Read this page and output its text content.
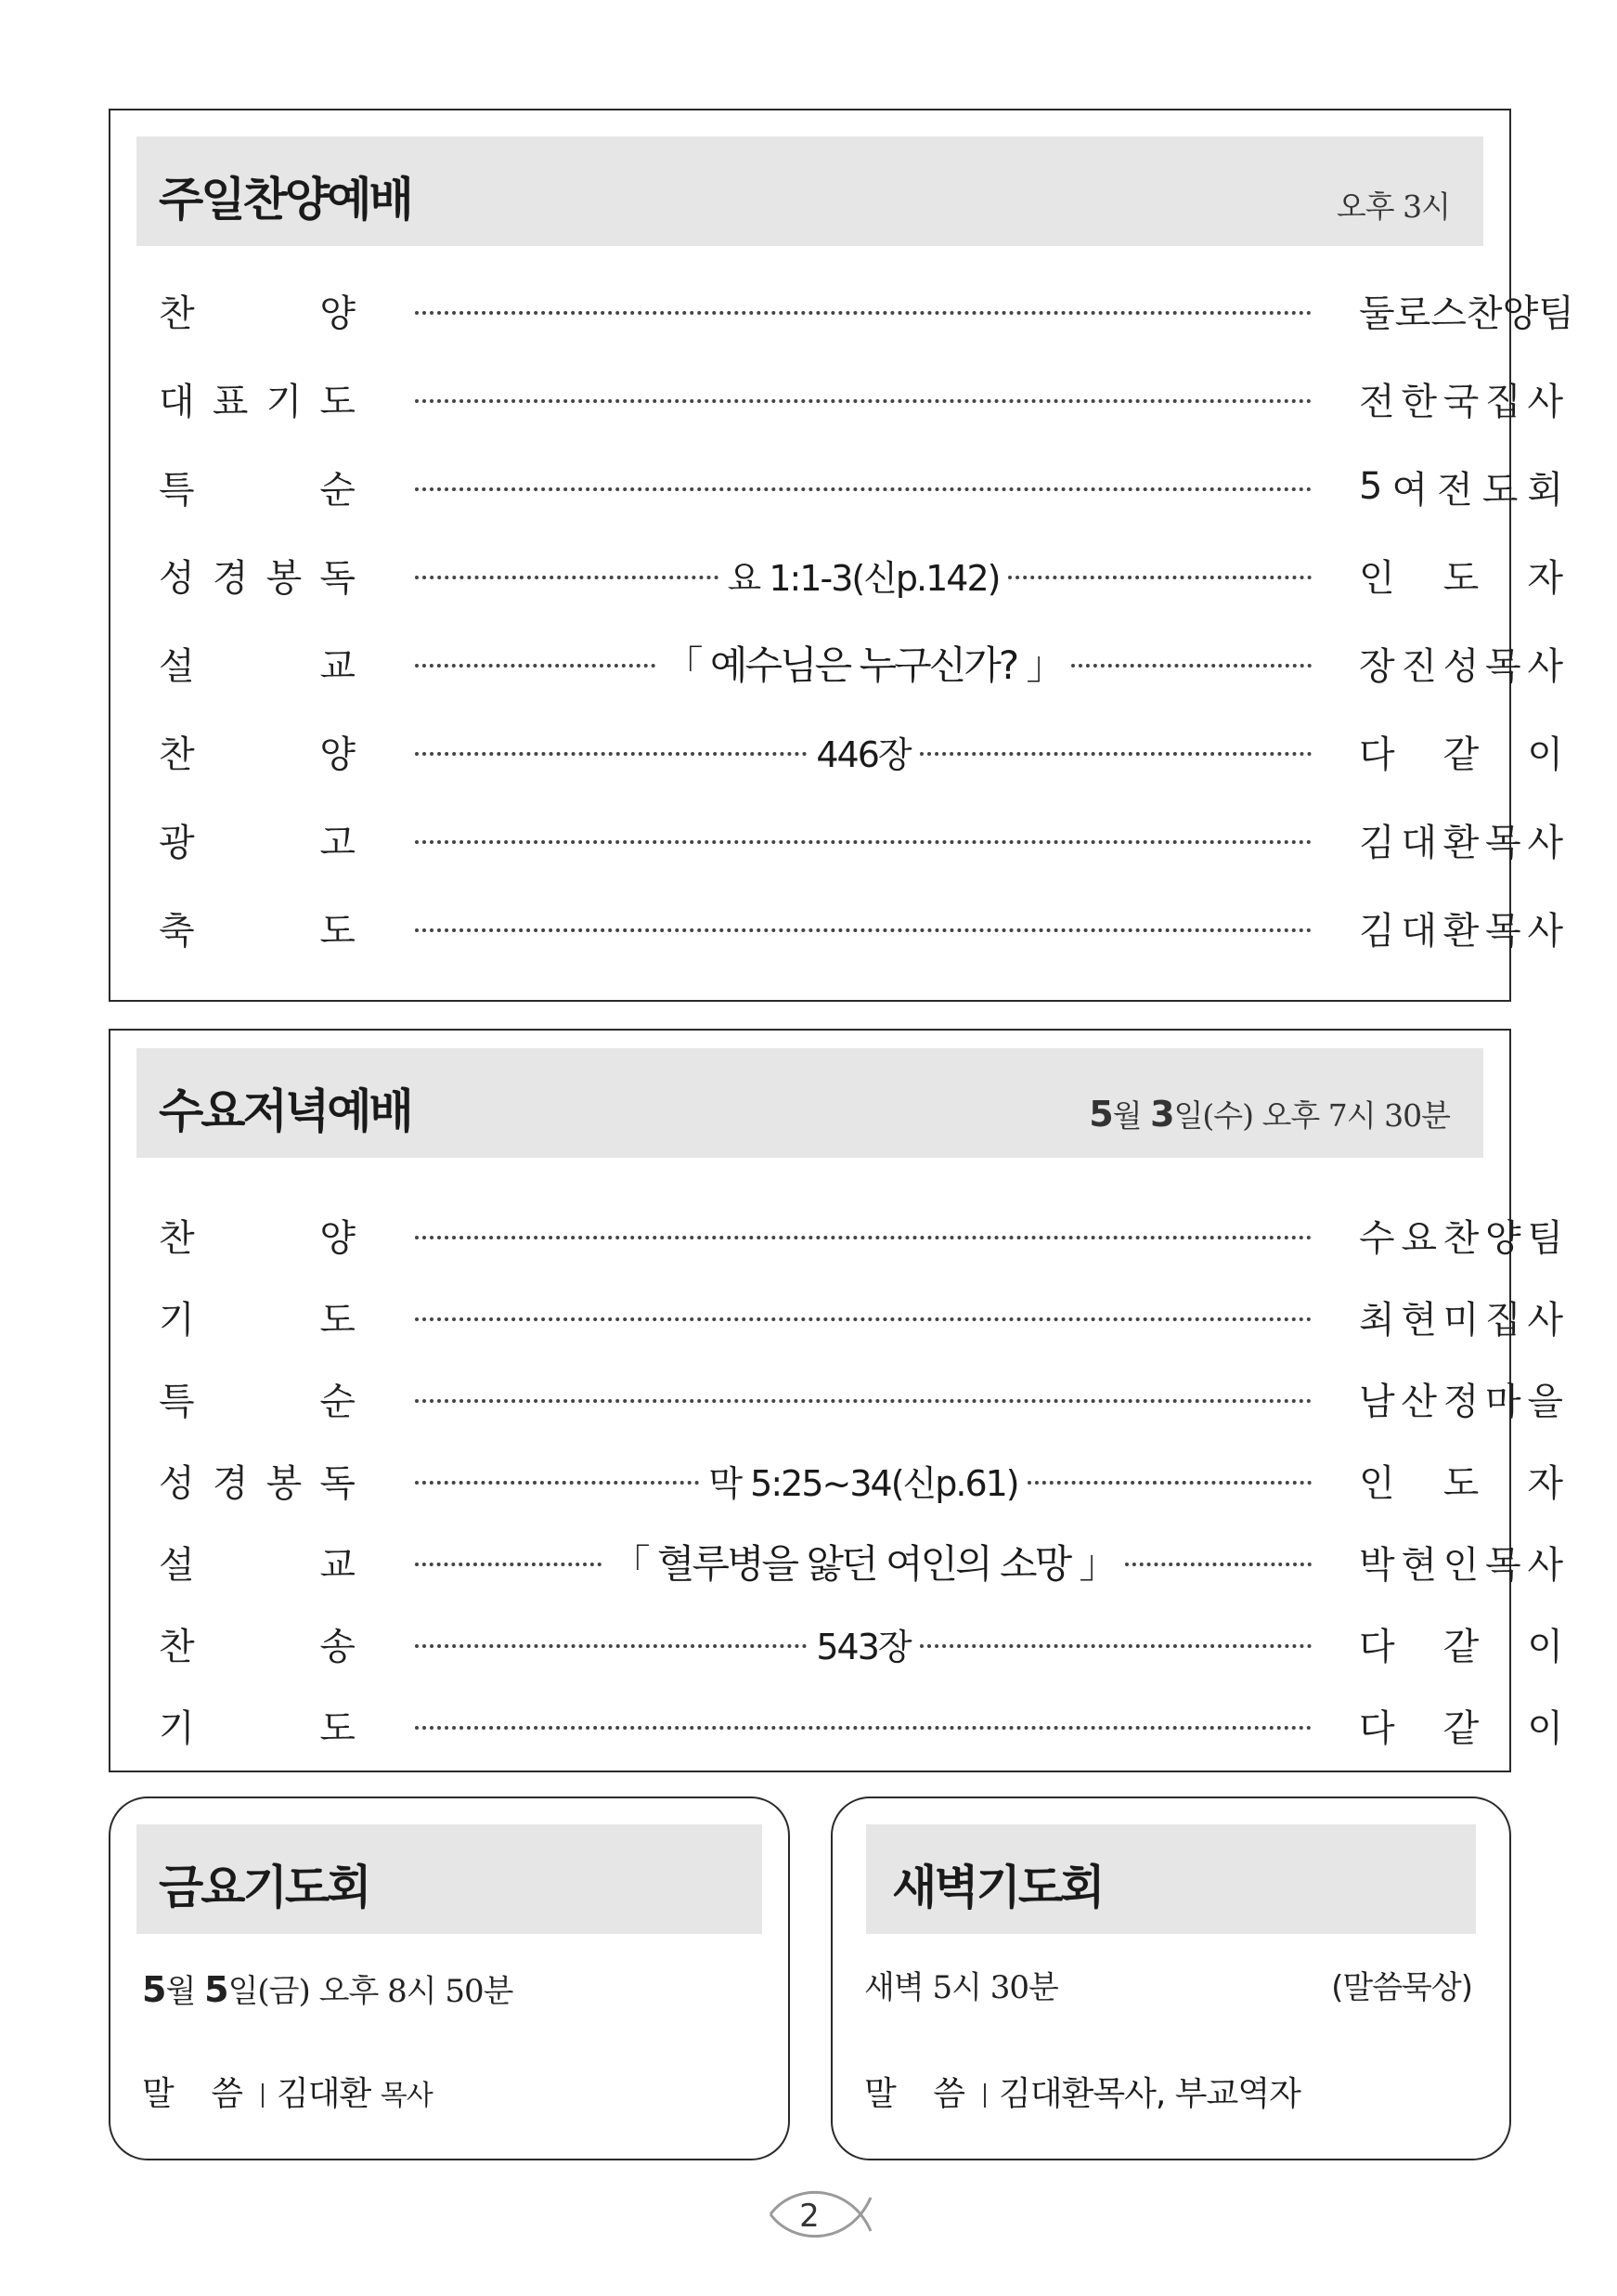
주일찬양예배	오후 3시
찬	양	둘 로 스 찬 양 팀
대 표 기 도	전 한 국 집 사
특	순	5 여 전 도 회
성 경 봉 독	요 1:1-3(신p.142)	인 도 자
설	교	「 예수님은 누구신가? 」	장 진 성 목 사
찬	양	446장	다 같 이
광	고	김 대 환 목 사
축	도	김 대 환 목 사
수요저녁예배	5월 3일(수) 오후 7시 30분
찬	양	수 요 찬 양 팀
기	도	최 현 미 집 사
특	순	남 산 정 마 을
성 경 봉 독	막 5:25~34(신p.61)	인 도 자
설	교	「 혈루병을 앓던 여인의 소망 」	박 현 인 목 사
찬	송	543장	다 같 이
기	도	다 같 이
금요기도회
5월 5일(금) 오후 8시 50분
말 씀 김대환 목사
새벽기도회
새벽 5시 30분	(말씀묵상)
말 씀 김대환목사, 부교역자
2
